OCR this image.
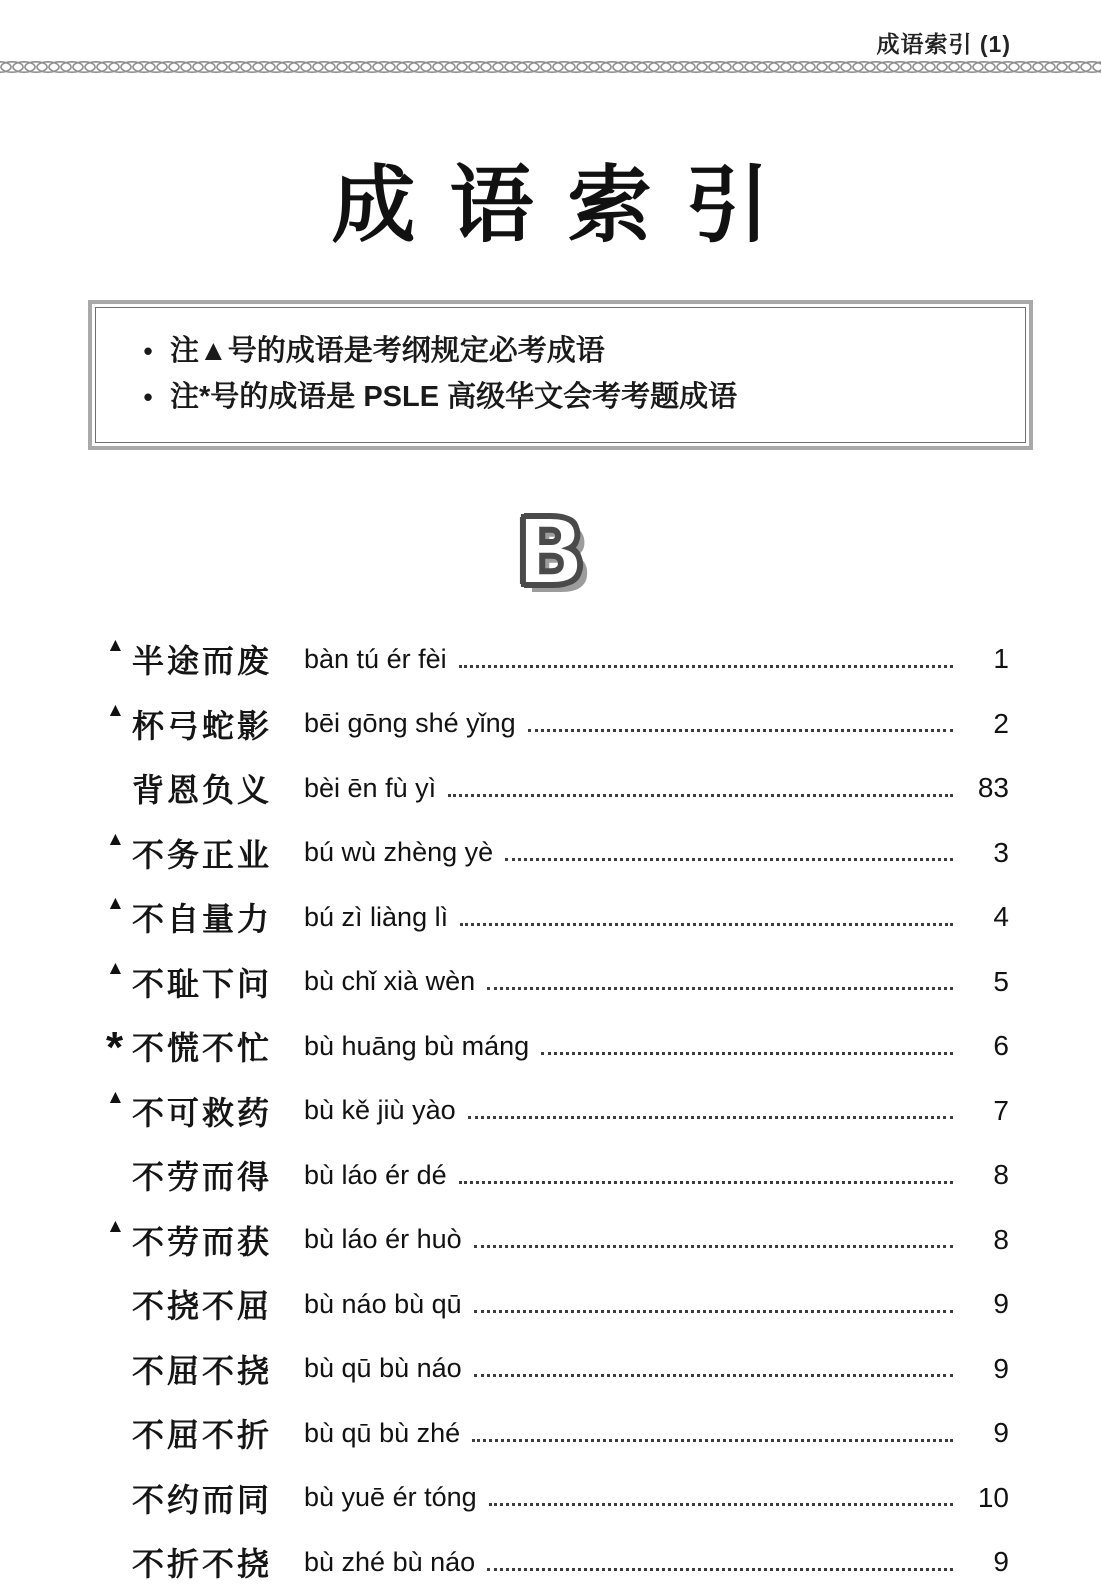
成语索引 (1)
成语索引
• 注▲号的成语是考纲规定必考成语
• 注*号的成语是 PSLE 高级华文会考考题成语
B
▲ 半途而废	bàn tú ér fèi	1
▲ 杯弓蛇影	bēi gōng shé yǐng	2
背恩负义	bèi ēn fù yì	83
▲ 不务正业	bú wù zhèng yè	3
▲ 不自量力	bú zì liàng lì	4
▲ 不耻下问	bù chǐ xià wèn	5
* 不慌不忙	bù huāng bù máng	6
▲ 不可救药	bù kě jiù yào	7
不劳而得	bù láo ér dé	8
▲ 不劳而获	bù láo ér huò	8
不挠不屈	bù náo bù qū	9
不屈不挠	bù qū bù náo	9
不屈不折	bù qū bù zhé	9
不约而同	bù yuē ér tóng	10
不折不挠	bù zhé bù náo	9
